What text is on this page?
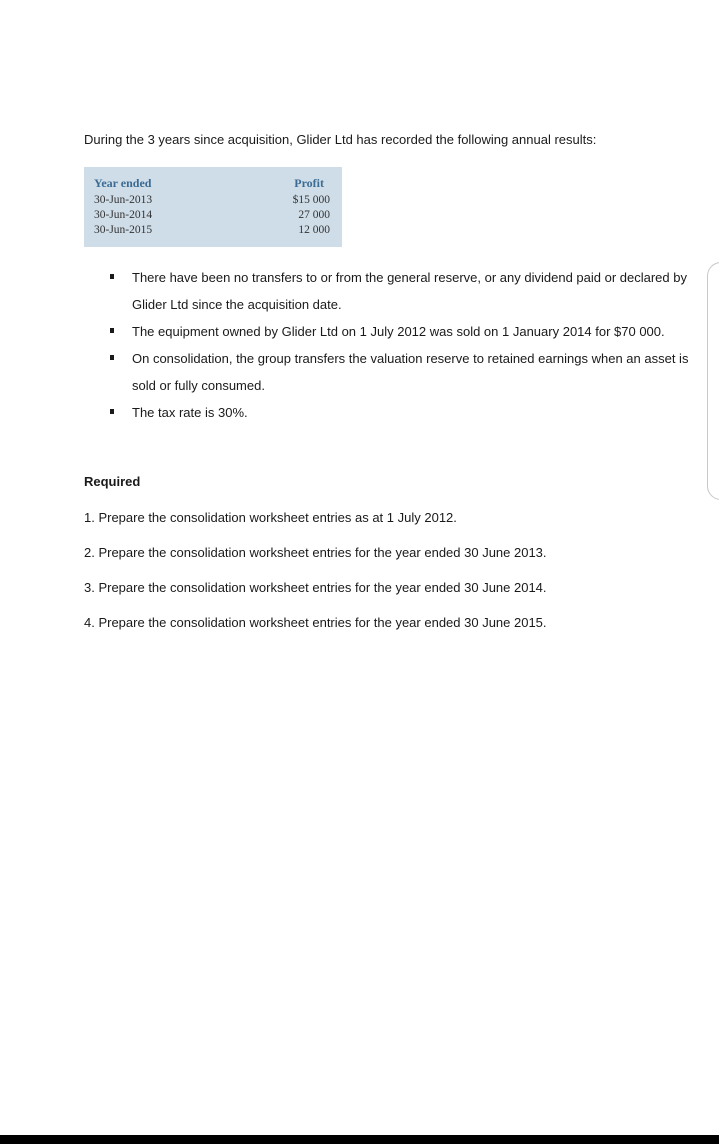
During the 3 years since acquisition, Glider Ltd has recorded the following annual results:
Year ended	Profit
30-Jun-2013	$15 000
30-Jun-2014	27 000
30-Jun-2015	12 000
There have been no transfers to or from the general reserve, or any dividend paid or declared by Glider Ltd since the acquisition date.
The equipment owned by Glider Ltd on 1 July 2012 was sold on 1 January 2014 for $70 000.
On consolidation, the group transfers the valuation reserve to retained earnings when an asset is sold or fully consumed.
The tax rate is 30%.
Required
1. Prepare the consolidation worksheet entries as at 1 July 2012.
2. Prepare the consolidation worksheet entries for the year ended 30 June 2013.
3. Prepare the consolidation worksheet entries for the year ended 30 June 2014.
4. Prepare the consolidation worksheet entries for the year ended 30 June 2015.
